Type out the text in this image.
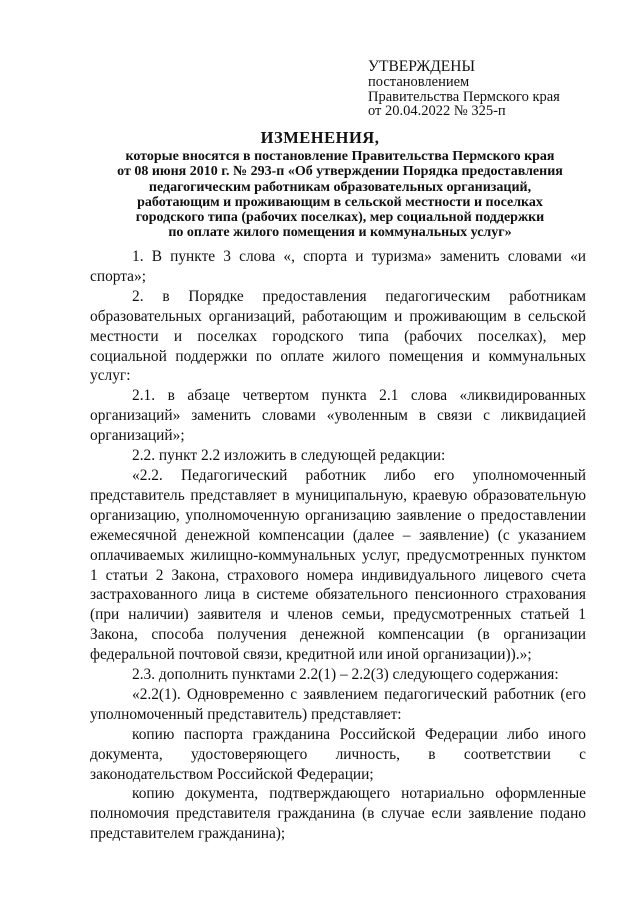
УТВЕРЖДЕНЫ
постановлением
Правительства Пермского края
от 20.04.2022 № 325-п
ИЗМЕНЕНИЯ,
которые вносятся в постановление Правительства Пермского края
от 08 июня 2010 г. № 293-п «Об утверждении Порядка предоставления
педагогическим работникам образовательных организаций,
работающим и проживающим в сельской местности и поселках
городского типа (рабочих поселках), мер социальной поддержки
по оплате жилого помещения и коммунальных услуг»

1. В пункте 3 слова «, спорта и туризма» заменить словами «и спорта»;

2. в Порядке предоставления педагогическим работникам образовательных организаций, работающим и проживающим в сельской местности и поселках городского типа (рабочих поселках), мер социальной поддержки по оплате жилого помещения и коммунальных услуг:

2.1. в абзаце четвертом пункта 2.1 слова «ликвидированных организаций» заменить словами «уволенным в связи с ликвидацией организаций»;

2.2. пункт 2.2 изложить в следующей редакции:

«2.2. Педагогический работник либо его уполномоченный представитель представляет в муниципальную, краевую образовательную организацию, уполномоченную организацию заявление о предоставлении ежемесячной денежной компенсации (далее – заявление) (с указанием оплачиваемых жилищно-коммунальных услуг, предусмотренных пунктом 1 статьи 2 Закона, страхового номера индивидуального лицевого счета застрахованного лица в системе обязательного пенсионного страхования (при наличии) заявителя и членов семьи, предусмотренных статьей 1 Закона, способа получения денежной компенсации (в организации федеральной почтовой связи, кредитной или иной организации)).»;

2.3. дополнить пунктами 2.2(1) – 2.2(3) следующего содержания:

«2.2(1). Одновременно с заявлением педагогический работник (его уполномоченный представитель) представляет:

копию паспорта гражданина Российской Федерации либо иного документа, удостоверяющего личность, в соответствии с законодательством Российской Федерации;

копию документа, подтверждающего нотариально оформленные полномочия представителя гражданина (в случае если заявление подано представителем гражданина);
